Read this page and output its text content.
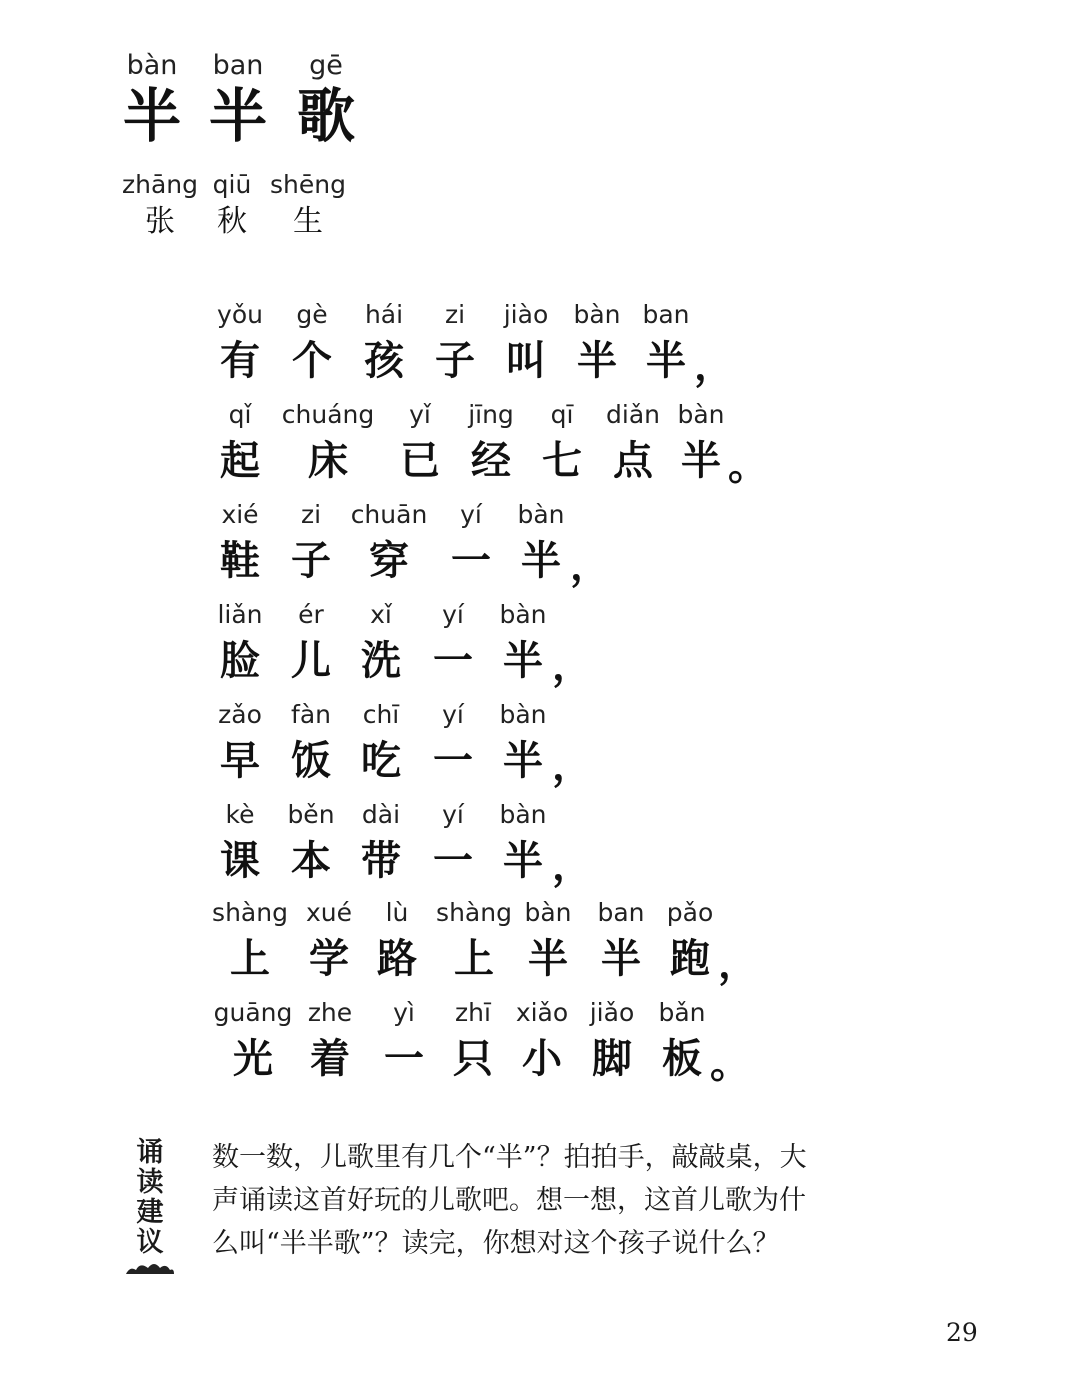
bàn
半
ban
半
gē
歌
zhāng
张
qiū
秋
shēng
生
yǒu
有
gè
个
hái
孩
zi
子
jiào
叫
bàn
半
ban
半 ，
qǐ
起
chuáng
床
yǐ
已
jīng
经
qī
七
diǎn
点
bàn
半 。
xié
鞋
zi
子
chuān
穿
yí
一
bàn
半 ，
liǎn
脸
ér
儿
xǐ
洗
yí
一
bàn
半 ，
zǎo
早
fàn
饭
chī
吃
yí
一
bàn
半 ，
kè
课
běn
本
dài
带
yí
一
bàn
半 ，
shàng
上
xué
学
lù
路
shàng
上
bàn
半
ban
半
pǎo
跑 ，
guāng
光
zhe
着
yì
一
zhī
只
xiǎo
小
jiǎo
脚
bǎn
板 。
诵
读
建
议
数一数，儿歌里有几个“半”？拍拍手，敲敲桌，大
声诵读这首好玩的儿歌吧。想一想，这首儿歌为什
么叫“半半歌”？读完，你想对这个孩子说什么？
29
